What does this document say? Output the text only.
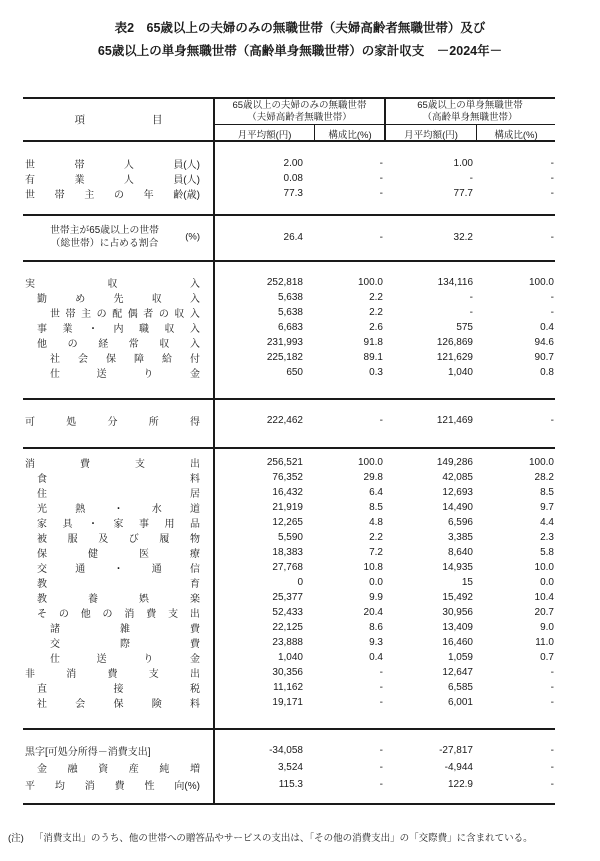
表2　65歳以上の夫婦のみの無職世帯（夫婦高齢者無職世帯）及び
65歳以上の単身無職世帯（高齢単身無職世帯）の家計収支　－2024年－
項	目
65歳以上の夫婦のみの無職世帯
（夫婦高齢者無職世帯）
月平均額(円)	構成比(%)
65歳以上の単身無職世帯
（高齢単身無職世帯）
月平均額(円)	構成比(%)
世	帯	人	員(人)	2.00	-	1.00	-
有	業	人	員(人)	0.08	-	-	-
世 帯 主 の 年 齢(歳)	77.3	-	77.7	-
世帯主が65歳以上の世帯
（総世帯）に占める割合
(%)	26.4	-	32.2	-
実	収	入	252,818	100.0	134,116	100.0
勤	め	先	収	入	5,638	2.2	-	-
世 帯 主 の 配 偶 者 の 収 入	5,638	2.2	-	-
事 業 ・ 内 職 収 入	6,683	2.6	575	0.4
他 の 経 常 収 入	231,993	91.8	126,869	94.6
社 会 保 障 給 付	225,182	89.1	121,629	90.7
仕	送	り	金	650	0.3	1,040	0.8
可	処	分	所	得	222,462	-	121,469	-
消	費	支	出	256,521	100.0	149,286	100.0
食	料	76,352	29.8	42,085	28.2
住	居	16,432	6.4	12,693	8.5
光	熱	・	水	道	21,919	8.5	14,490	9.7
家 具 ・ 家 事 用 品	12,265	4.8	6,596	4.4
被 服 及 び 履 物	5,590	2.2	3,385	2.3
保	健	医	療	18,383	7.2	8,640	5.8
交	通	・	通	信	27,768	10.8	14,935	10.0
教	育	0	0.0	15	0.0
教	養	娯	楽	25,377	9.9	15,492	10.4
そ の 他 の 消 費 支 出	52,433	20.4	30,956	20.7
諸	雑	費	22,125	8.6	13,409	9.0
交	際	費	23,888	9.3	16,460	11.0
仕	送	り	金	1,040	0.4	1,059	0.7
非	消	費	支	出	30,356	-	12,647	-
直	接	税	11,162	-	6,585	-
社	会	保	険	料	19,171	-	6,001	-
黒字[可処分所得－消費支出]	-34,058	-	-27,817	-
金 融 資 産 純 増	3,524	-	-4,944	-
平 均 消 費 性 向(%)	115.3	-	122.9	-
(注) 「消費支出」のうち、他の世帯への贈答品やサービスの支出は、「その他の消費支出」の「交際費」に含まれている。
